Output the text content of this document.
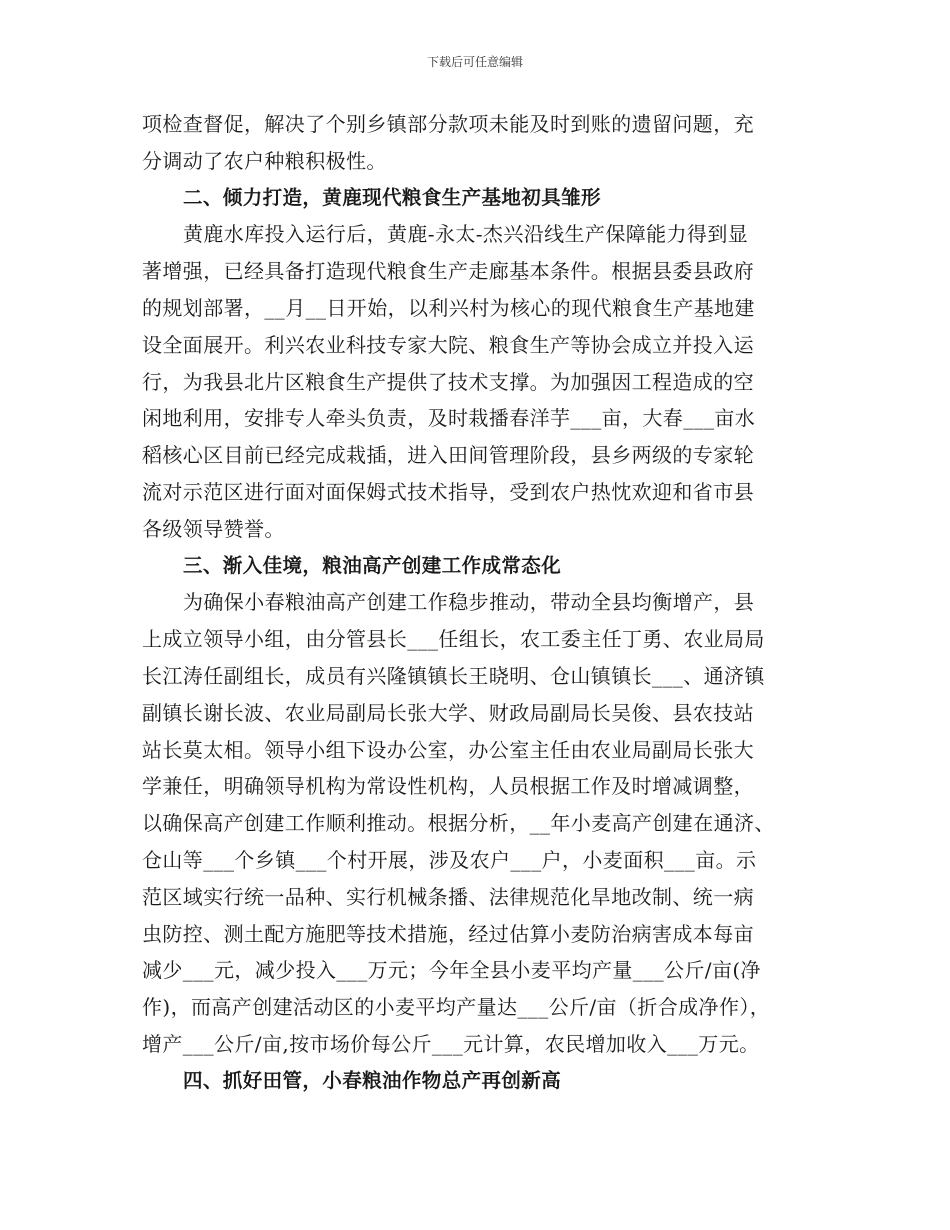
下载后可任意编辑
项检查督促，解决了个别乡镇部分款项未能及时到账的遗留问题，充
分调动了农户种粮积极性。
二、倾力打造，黄鹿现代粮食生产基地初具雏形
黄鹿水库投入运行后，黄鹿-永太-杰兴沿线生产保障能力得到显
著增强，已经具备打造现代粮食生产走廊基本条件。根据县委县政府
的规划部署，__月__日开始，以利兴村为核心的现代粮食生产基地建
设全面展开。利兴农业科技专家大院、粮食生产等协会成立并投入运
行，为我县北片区粮食生产提供了技术支撑。为加强因工程造成的空
闲地利用，安排专人牵头负责，及时栽播春洋芋___亩，大春___亩水
稻核心区目前已经完成栽插，进入田间管理阶段，县乡两级的专家轮
流对示范区进行面对面保姆式技术指导，受到农户热忱欢迎和省市县
各级领导赞誉。
三、渐入佳境，粮油高产创建工作成常态化
为确保小春粮油高产创建工作稳步推动，带动全县均衡增产，县
上成立领导小组，由分管县长___任组长，农工委主任丁勇、农业局局
长江涛任副组长，成员有兴隆镇镇长王晓明、仓山镇镇长___、通济镇
副镇长谢长波、农业局副局长张大学、财政局副局长吴俊、县农技站
站长莫太相。领导小组下设办公室，办公室主任由农业局副局长张大
学兼任，明确领导机构为常设性机构，人员根据工作及时增减调整，
以确保高产创建工作顺利推动。根据分析，__年小麦高产创建在通济、
仓山等___个乡镇___个村开展，涉及农户___户，小麦面积___亩。示
范区域实行统一品种、实行机械条播、法律规范化旱地改制、统一病
虫防控、测土配方施肥等技术措施，经过估算小麦防治病害成本每亩
减少___元，减少投入___万元；今年全县小麦平均产量___公斤/亩(净
作)，而高产创建活动区的小麦平均产量达___公斤/亩（折合成净作），
增产___公斤/亩,按市场价每公斤___元计算，农民增加收入___万元。
四、抓好田管，小春粮油作物总产再创新高
